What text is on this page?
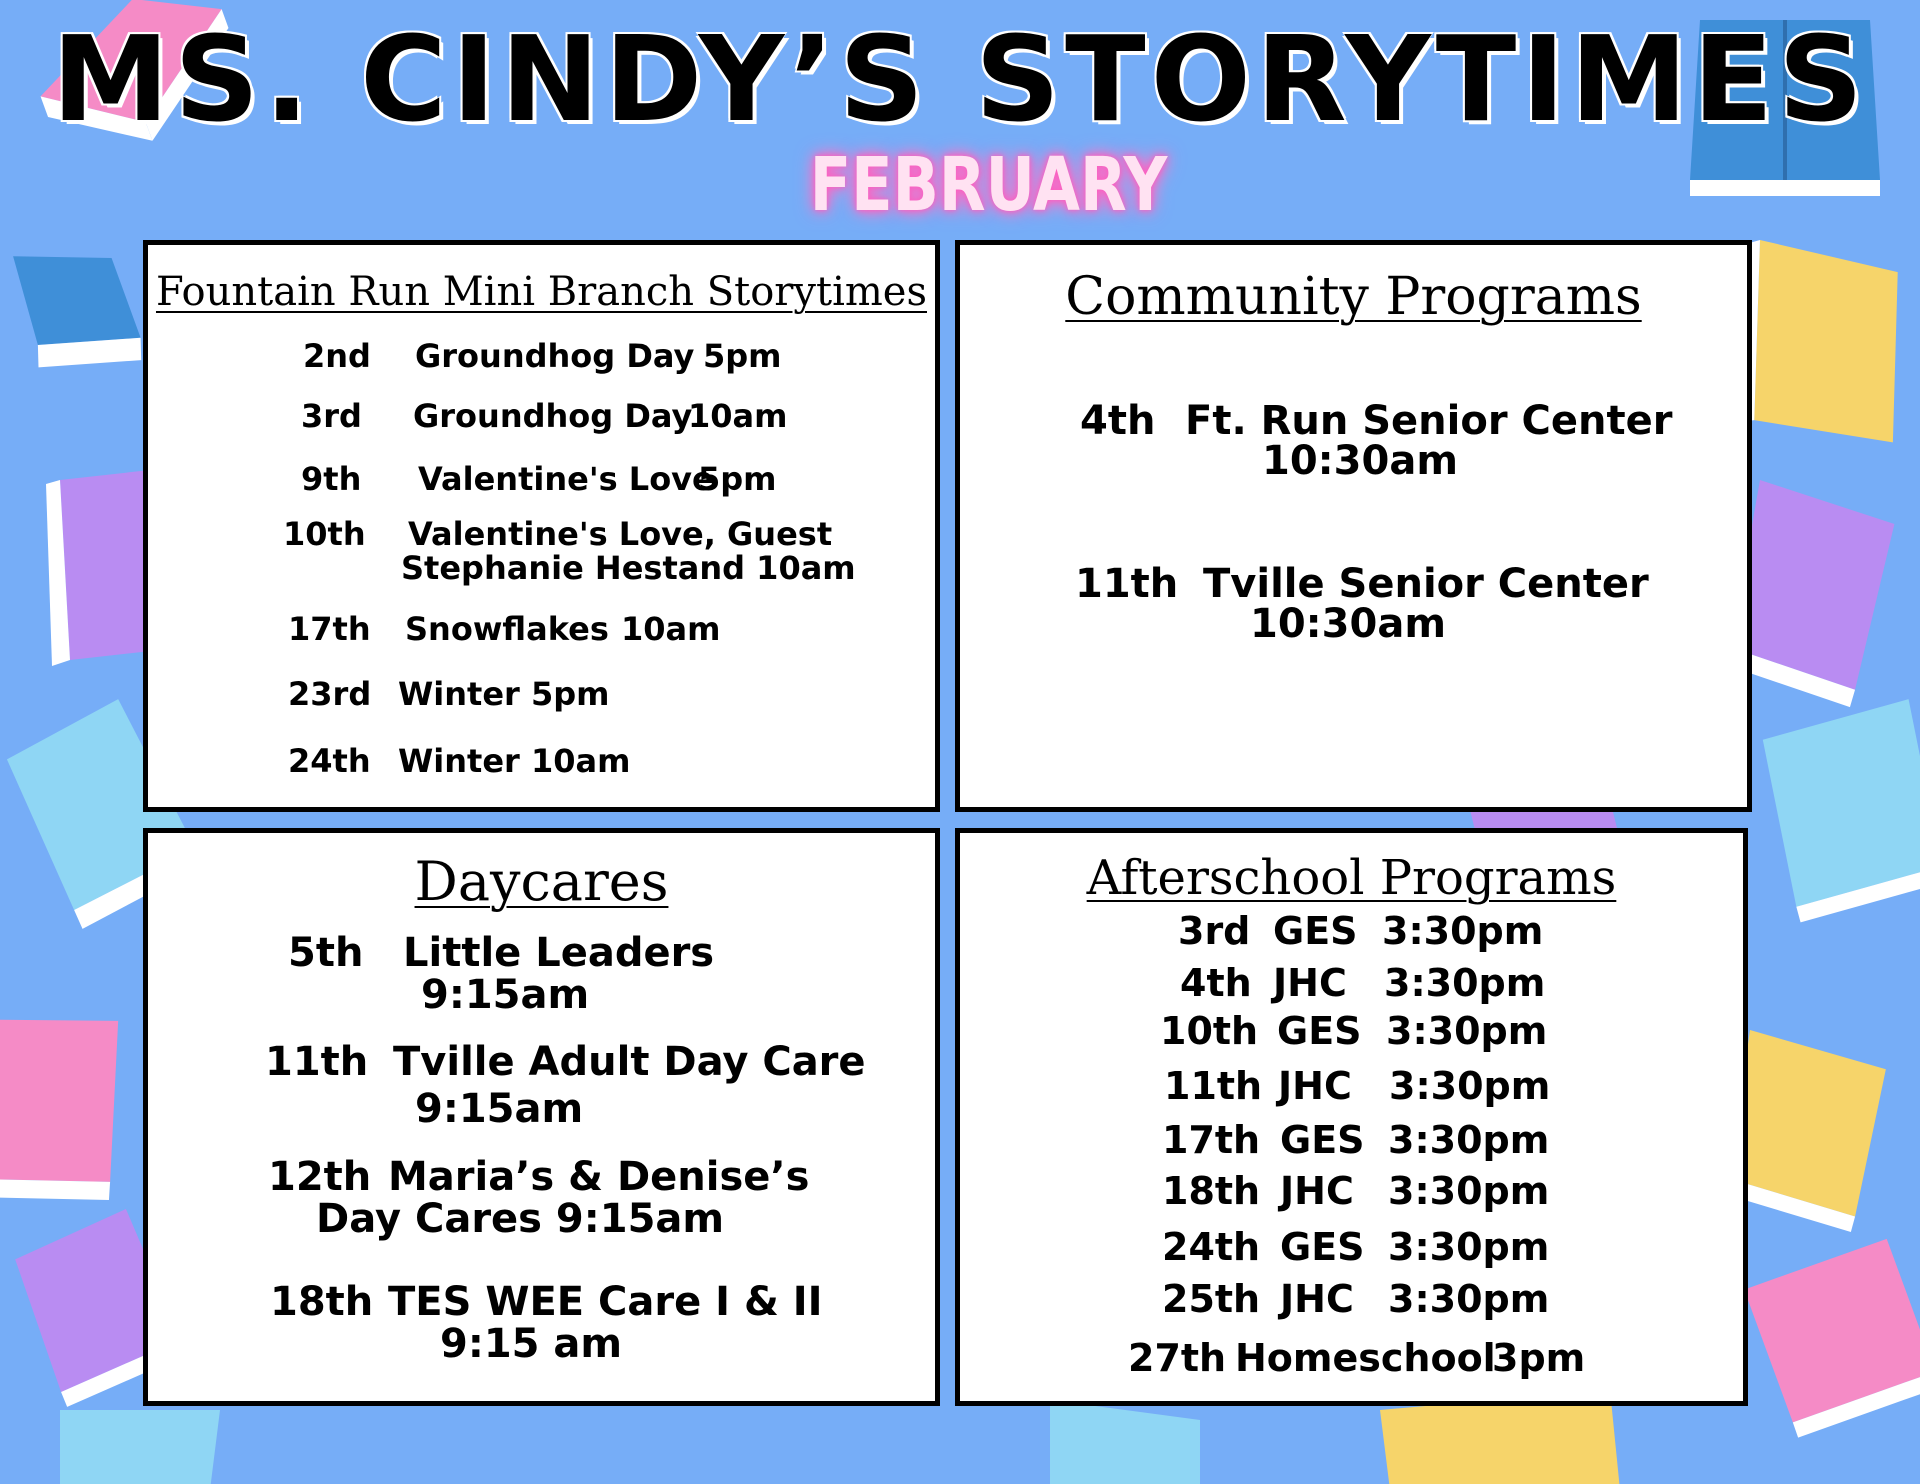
MS. CINDY’S STORYTIMES
FEBRUARY
Fountain Run Mini Branch Storytimes
2nd Groundhog Day 5pm
3rd Groundhog Day
10am
9th Valentine's Love
5pm
10th Valentine's Love, Guest
Stephanie Hestand 10am
17th Snowflakes 10am
23rd Winter 5pm
24th Winter 10am
Community Programs
4th Ft. Run Senior Center
10:30am
11th Tville Senior Center
10:30am
Daycares
5th Little Leaders
9:15am
11th Tville Adult Day Care
9:15am
12th Maria’s & Denise’s
Day Cares 9:15am
18th TES WEE Care I & II
9:15 am
Afterschool Programs
3rd GES 3:30pm
4th JHC 3:30pm
10th GES 3:30pm
11th JHC 3:30pm
17th GES 3:30pm
18th JHC 3:30pm
24th GES 3:30pm
25th JHC 3:30pm
27th Homeschool
3pm
